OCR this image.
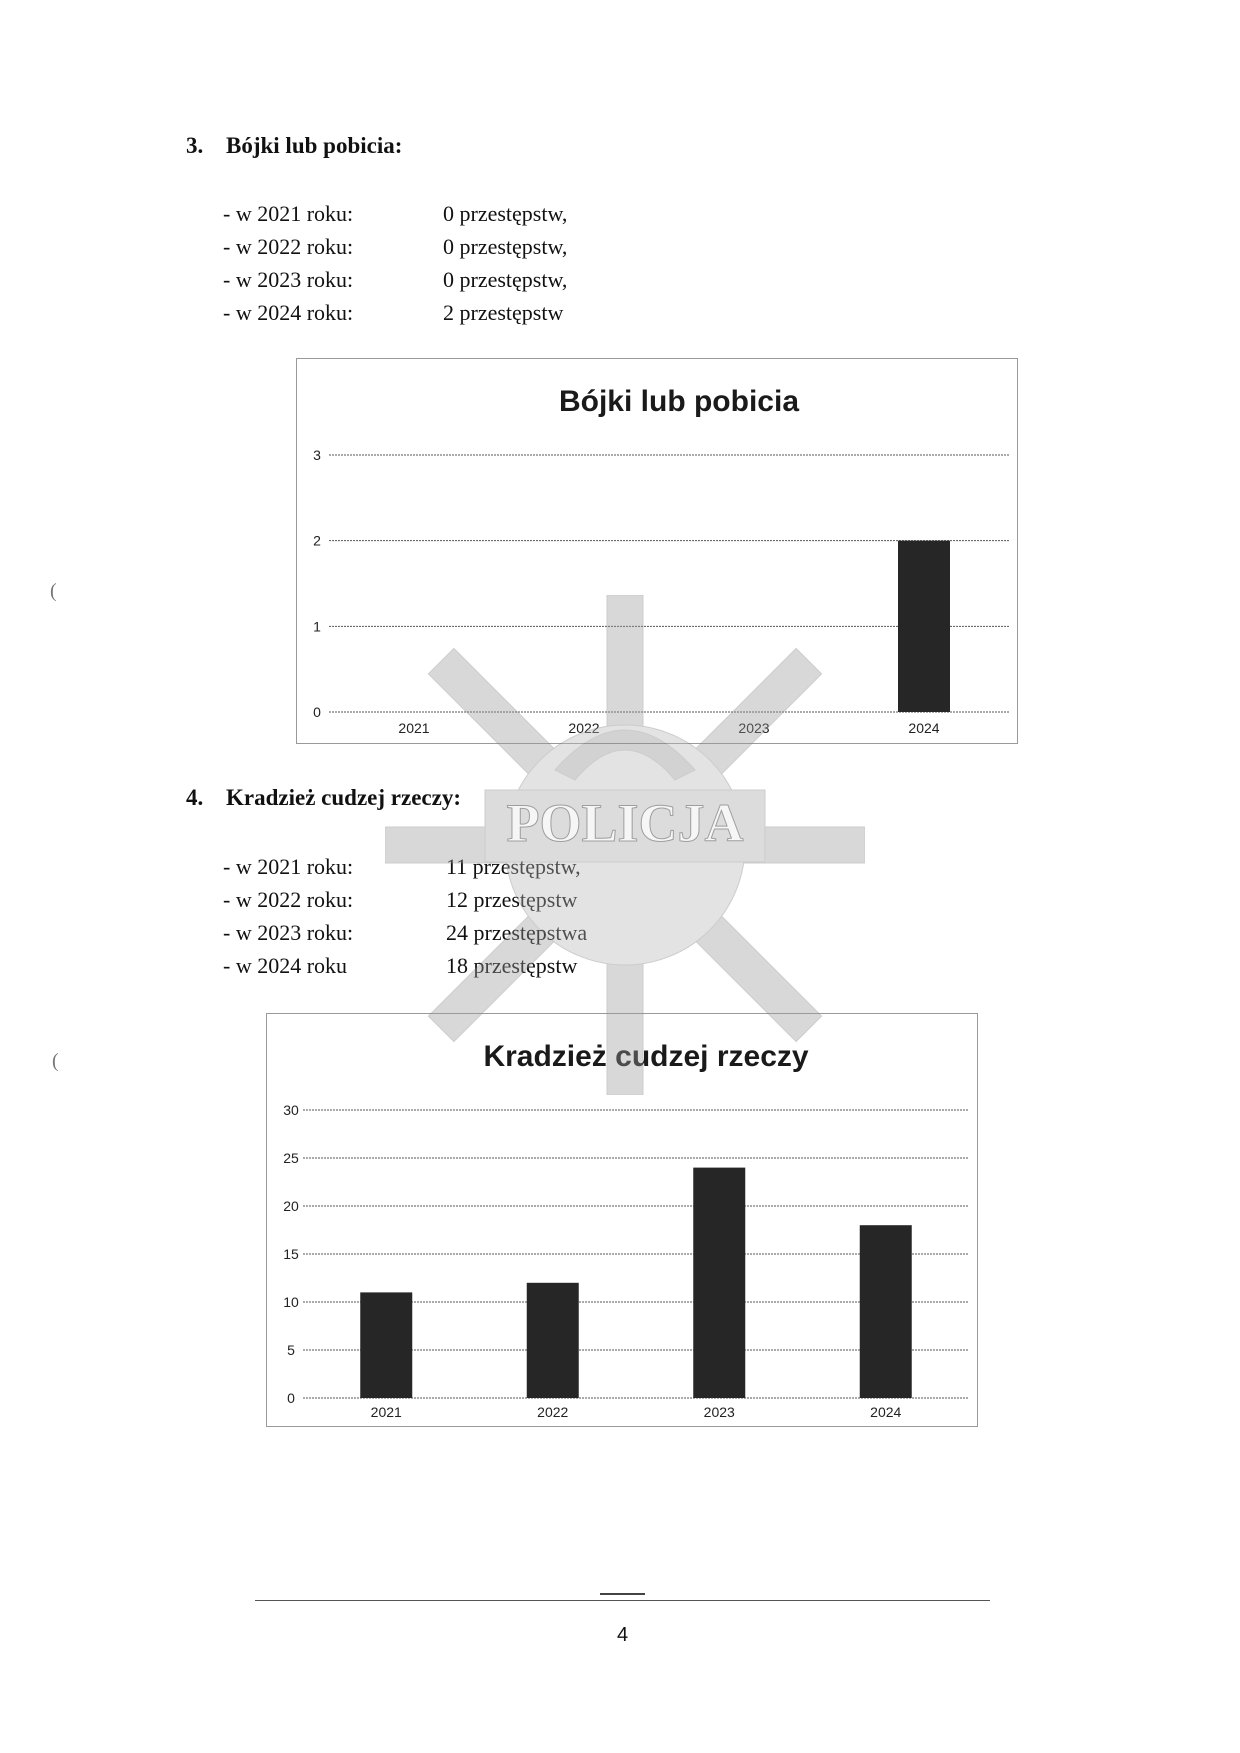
3. Bójki lub pobicia:
- w 2021 roku:	0 przestępstw,
- w 2022 roku:	0 przestępstw,
- w 2023 roku:	0 przestępstw,
- w 2024 roku:	2 przestępstw
Bójki lub pobicia
0
1
2
3
2021	2022	2023	2024
4. Kradzież cudzej rzeczy:
- w 2021 roku:	11 przestępstw,
- w 2022 roku:	12 przestępstw
- w 2023 roku:	24 przestępstwa
- w 2024 roku	18 przestępstw
Kradzież cudzej rzeczy
0
5
10
15
20
25
30
2021	2022	2023	2024
POLICJA
(
(
4
